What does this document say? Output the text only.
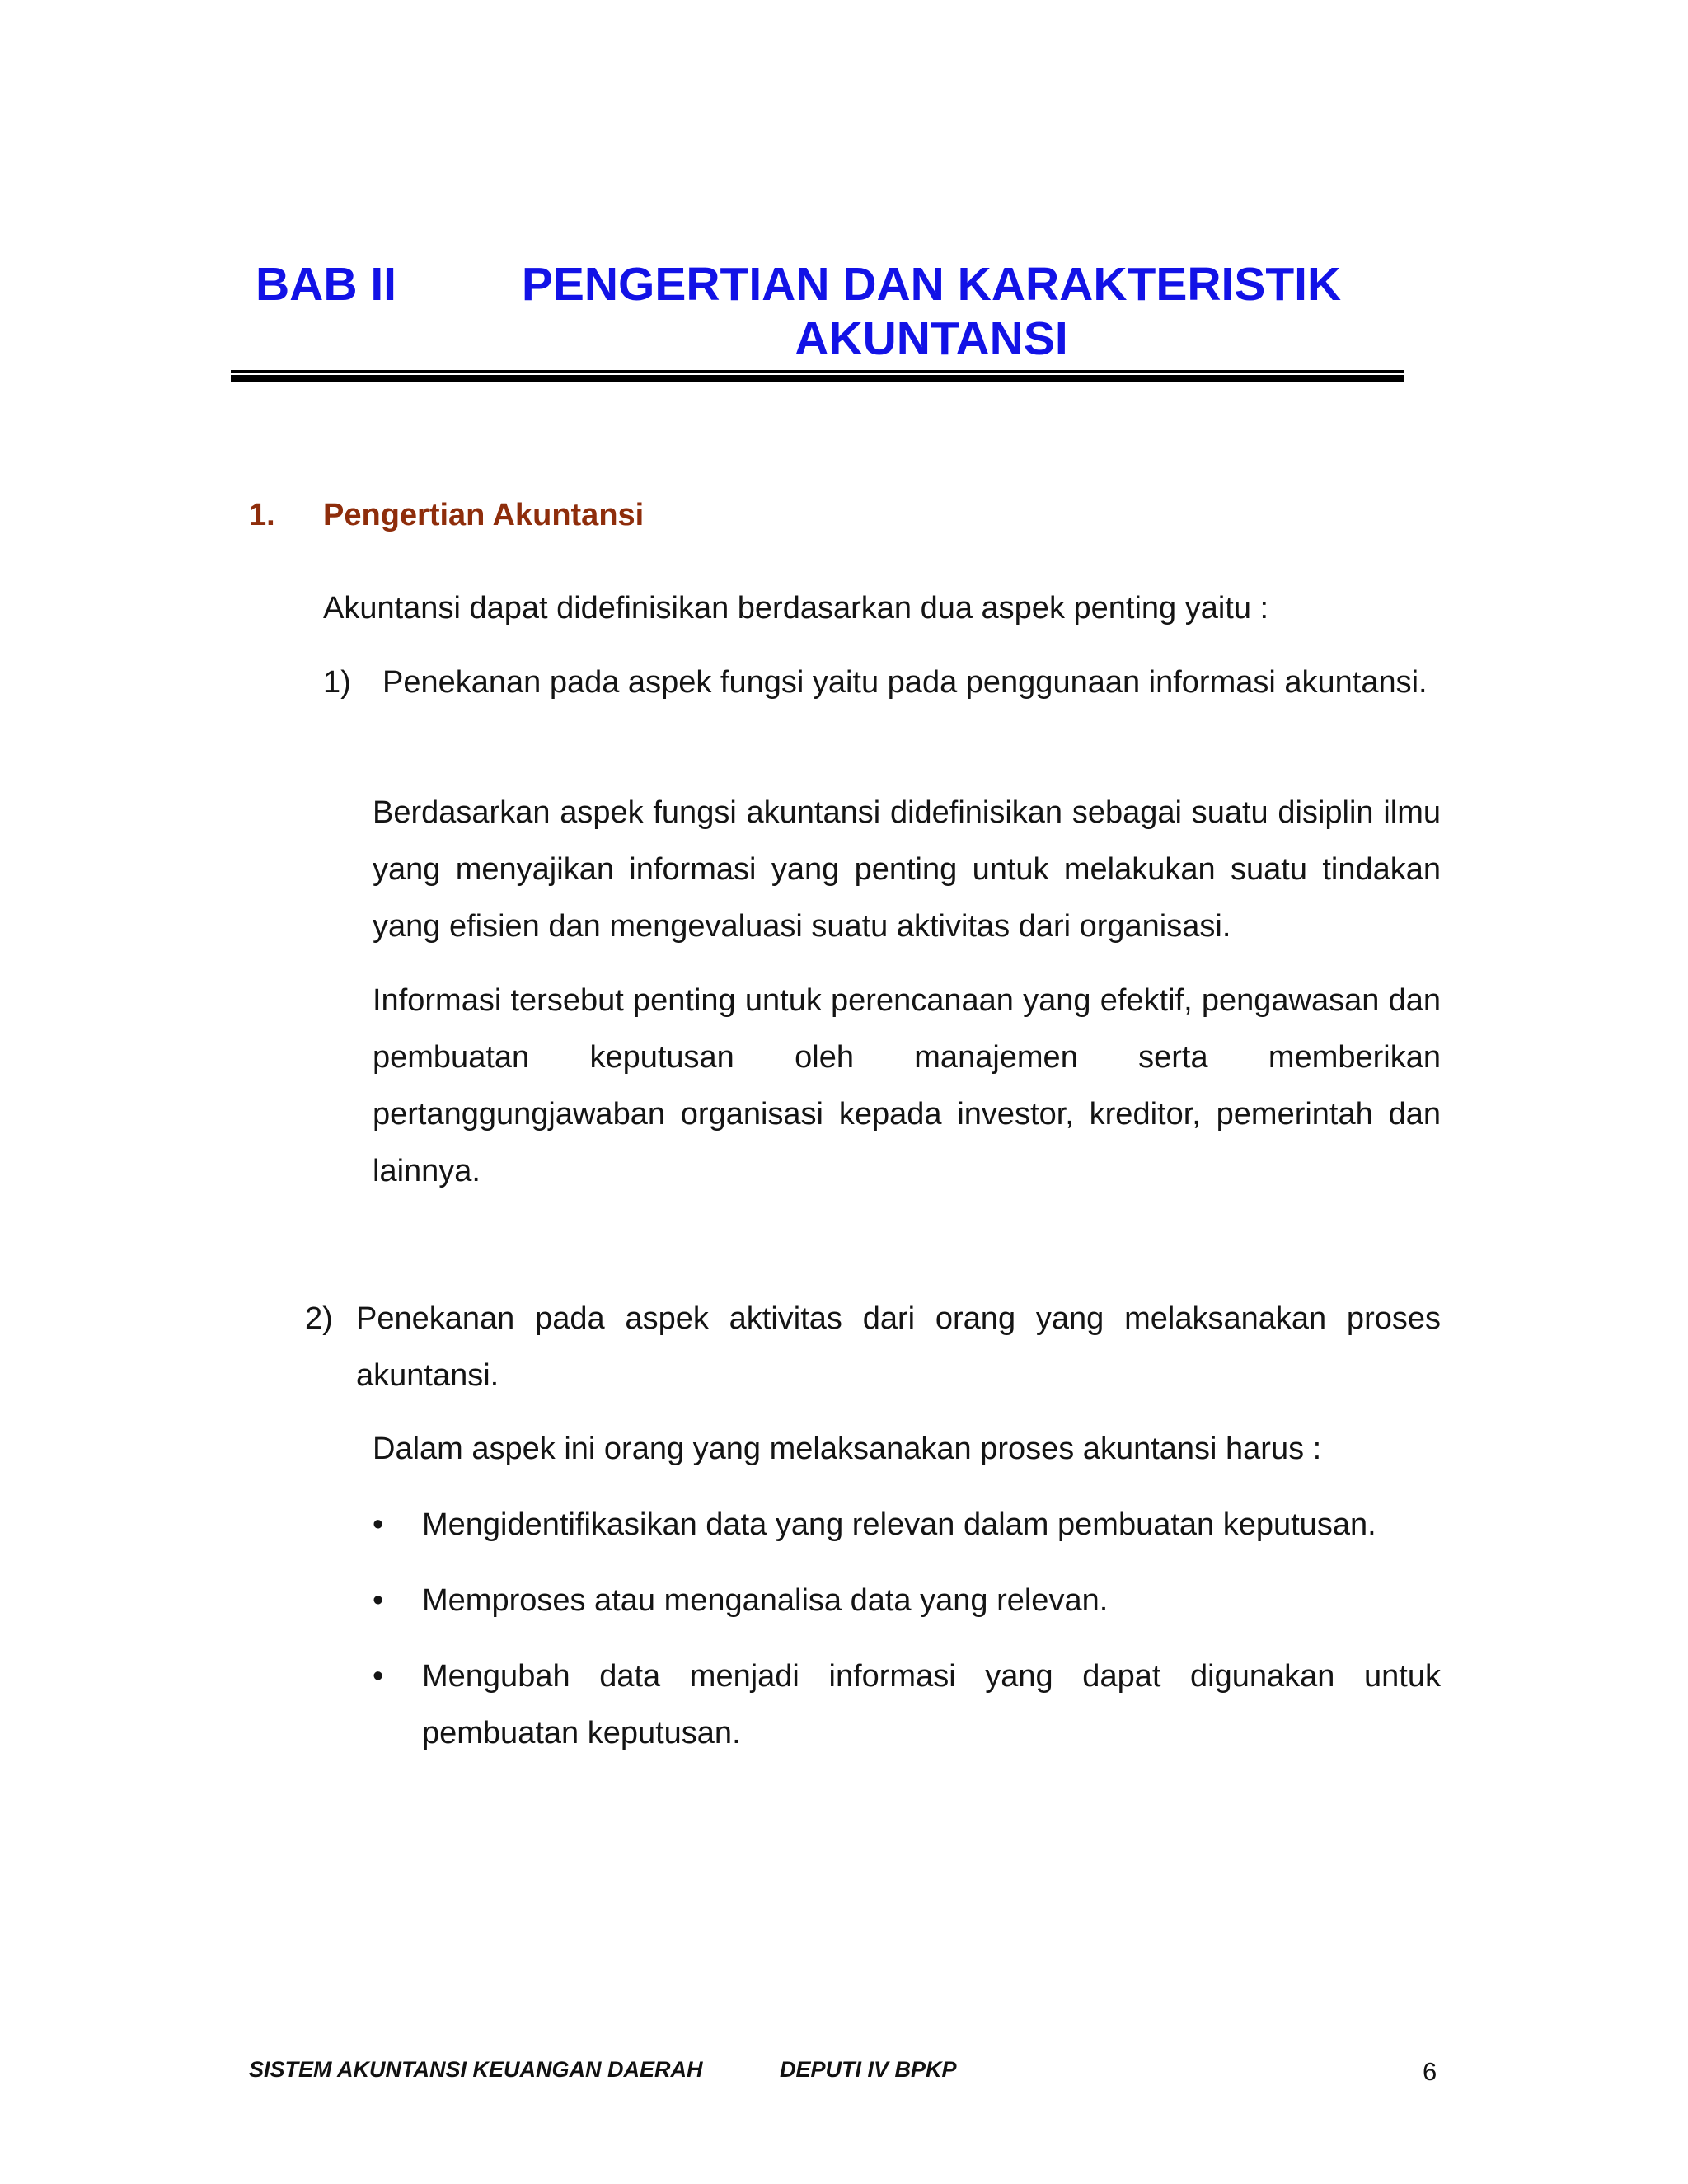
BAB II	PENGERTIAN DAN KARAKTERISTIK AKUNTANSI
1. Pengertian Akuntansi
Akuntansi dapat didefinisikan berdasarkan dua aspek penting yaitu :
1)	Penekanan pada aspek fungsi yaitu pada penggunaan informasi akuntansi.
Berdasarkan aspek fungsi akuntansi didefinisikan sebagai suatu disiplin ilmu yang menyajikan informasi yang penting untuk melakukan suatu tindakan yang efisien dan mengevaluasi suatu aktivitas dari organisasi.
Informasi tersebut penting untuk perencanaan yang efektif, pengawasan dan pembuatan keputusan oleh manajemen serta memberikan pertanggungjawaban organisasi kepada investor, kreditor, pemerintah dan lainnya.
2) Penekanan pada aspek aktivitas dari orang yang melaksanakan proses akuntansi.
Dalam aspek ini orang yang melaksanakan proses akuntansi harus :
• Mengidentifikasikan data yang relevan dalam pembuatan keputusan.
• Memproses atau menganalisa data yang relevan.
• Mengubah data menjadi informasi yang dapat digunakan untuk pembuatan keputusan.
SISTEM AKUNTANSI KEUANGAN DAERAH	DEPUTI IV BPKP	6
